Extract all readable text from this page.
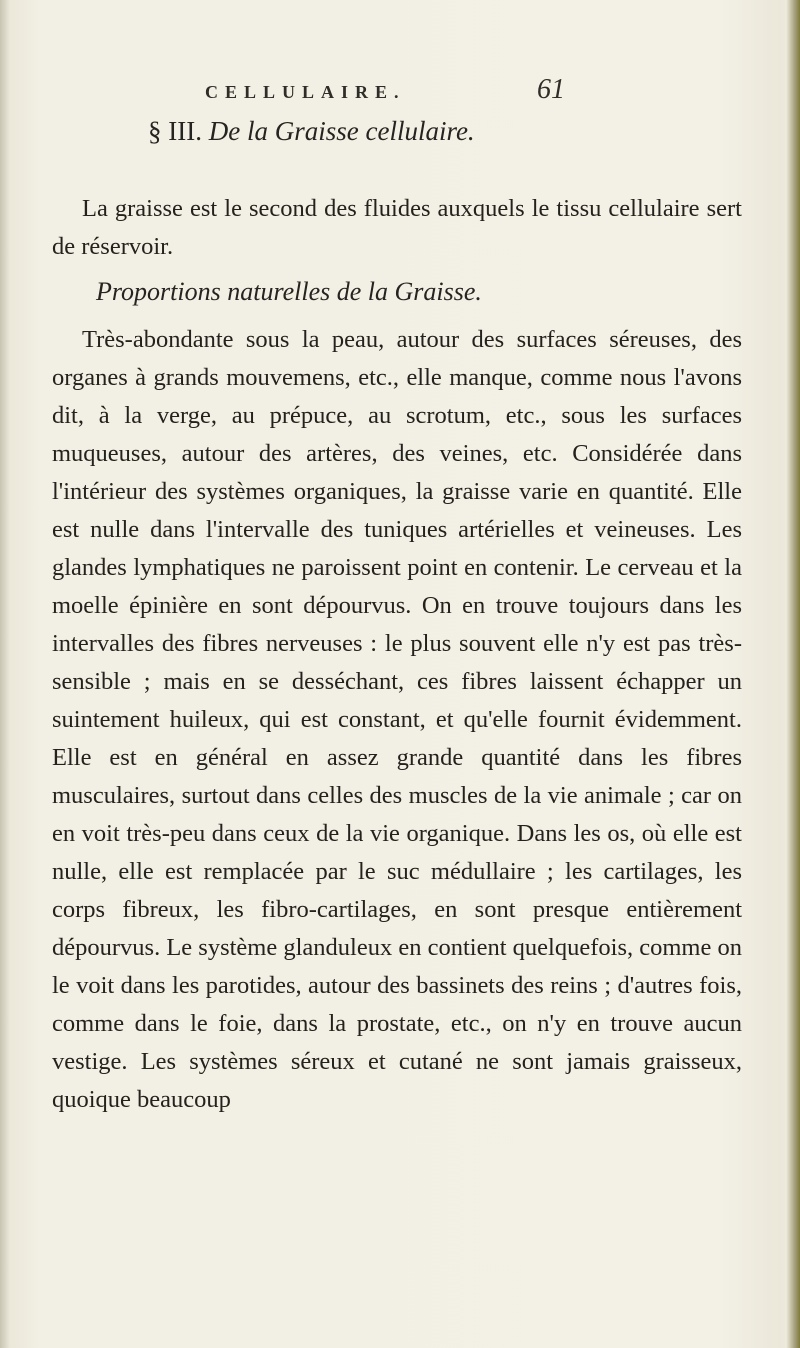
CELLULAIRE.	61
§ III. De la Graisse cellulaire.
La graisse est le second des fluides auxquels le tissu cellulaire sert de réservoir.
Proportions naturelles de la Graisse.
Très-abondante sous la peau, autour des surfaces séreuses, des organes à grands mouvemens, etc., elle manque, comme nous l'avons dit, à la verge, au prépuce, au scrotum, etc., sous les surfaces muqueuses, autour des artères, des veines, etc. Considérée dans l'intérieur des systèmes organiques, la graisse varie en quantité. Elle est nulle dans l'intervalle des tuniques artérielles et veineuses. Les glandes lymphatiques ne paroissent point en contenir. Le cerveau et la moelle épinière en sont dépourvus. On en trouve toujours dans les intervalles des fibres nerveuses : le plus souvent elle n'y est pas très-sensible ; mais en se desséchant, ces fibres laissent échapper un suintement huileux, qui est constant, et qu'elle fournit évidemment. Elle est en général en assez grande quantité dans les fibres musculaires, surtout dans celles des muscles de la vie animale ; car on en voit très-peu dans ceux de la vie organique. Dans les os, où elle est nulle, elle est remplacée par le suc médullaire ; les cartilages, les corps fibreux, les fibro-cartilages, en sont presque entièrement dépourvus. Le système glanduleux en contient quelquefois, comme on le voit dans les parotides, autour des bassinets des reins ; d'autres fois, comme dans le foie, dans la prostate, etc., on n'y en trouve aucun vestige. Les systèmes séreux et cutané ne sont jamais graisseux, quoique beaucoup
